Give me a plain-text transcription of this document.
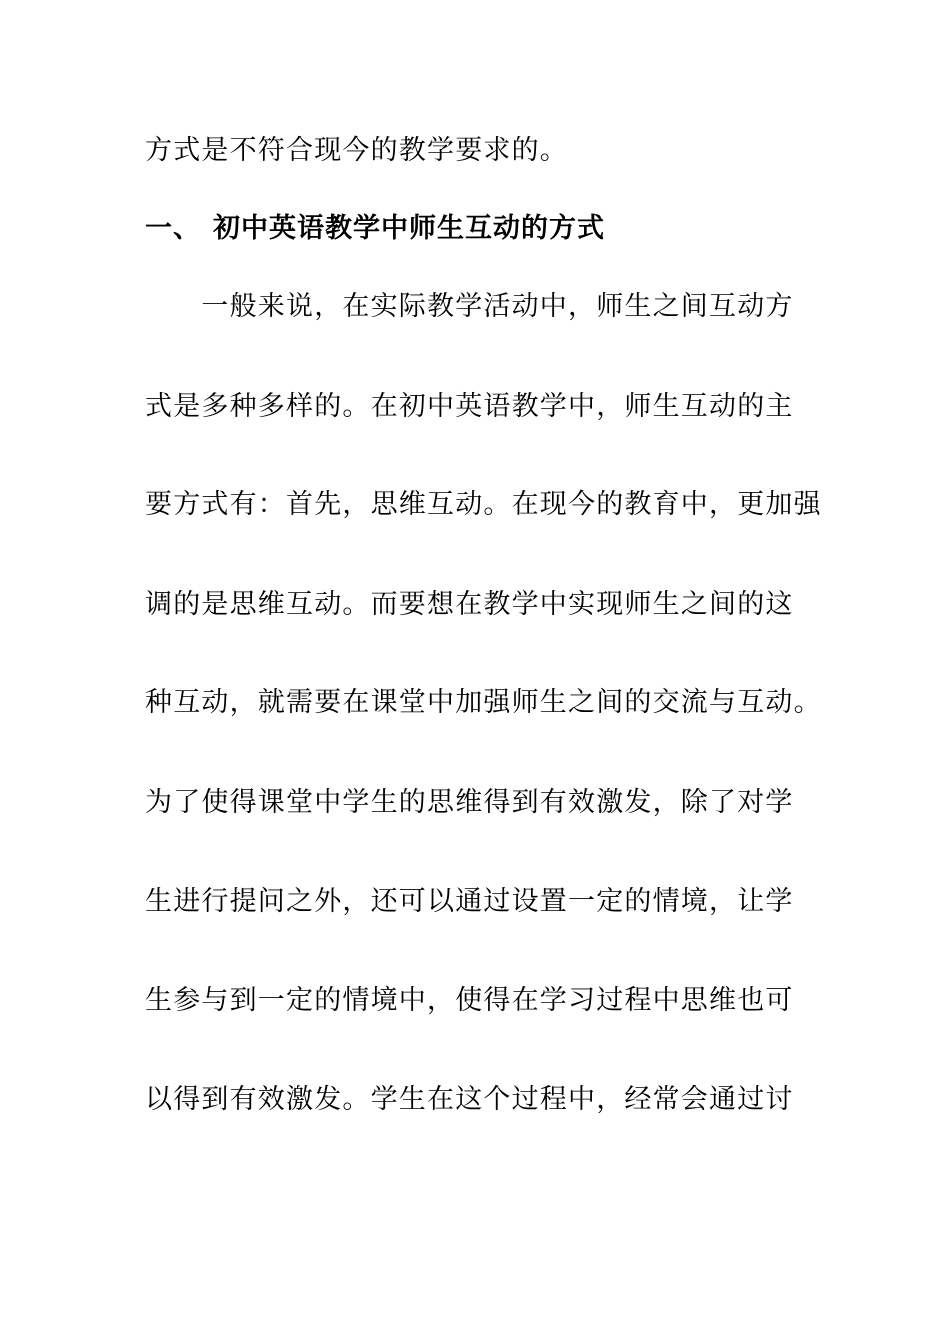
方式是不符合现今的教学要求的。
一、 初中英语教学中师生互动的方式
　　一般来说，在实际教学活动中，师生之间互动方
式是多种多样的。在初中英语教学中，师生互动的主
要方式有：首先，思维互动。在现今的教育中，更加强
调的是思维互动。而要想在教学中实现师生之间的这
种互动，就需要在课堂中加强师生之间的交流与互动。
为了使得课堂中学生的思维得到有效激发，除了对学
生进行提问之外，还可以通过设置一定的情境，让学
生参与到一定的情境中，使得在学习过程中思维也可
以得到有效激发。学生在这个过程中，经常会通过讨
